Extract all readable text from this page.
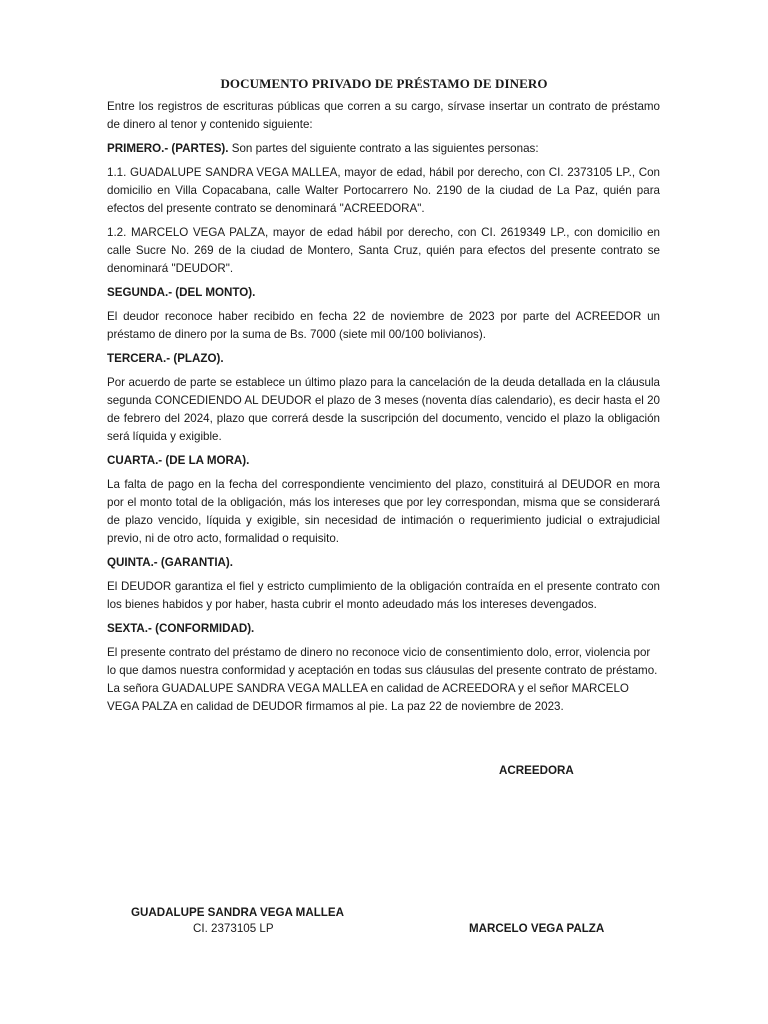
DOCUMENTO PRIVADO DE PRÉSTAMO DE DINERO

Entre los registros de escrituras públicas que corren a su cargo, sírvase insertar un contrato de préstamo de dinero al tenor y contenido siguiente:

PRIMERO.- (PARTES). Son partes del siguiente contrato a las siguientes personas:

1.1. GUADALUPE SANDRA VEGA MALLEA, mayor de edad, hábil por derecho, con CI. 2373105 LP., Con domicilio en Villa Copacabana, calle Walter Portocarrero No. 2190 de la ciudad de La Paz, quién para efectos del presente contrato se denominará "ACREEDORA".

1.2. MARCELO VEGA PALZA, mayor de edad hábil por derecho, con CI. 2619349 LP., con domicilio en calle Sucre No. 269 de la ciudad de Montero, Santa Cruz, quién para efectos del presente contrato se denominará "DEUDOR".

SEGUNDA.- (DEL MONTO).

El deudor reconoce haber recibido en fecha 22 de noviembre de 2023 por parte del ACREEDOR un préstamo de dinero por la suma de Bs. 7000 (siete mil 00/100 bolivianos).

TERCERA.- (PLAZO).

Por acuerdo de parte se establece un último plazo para la cancelación de la deuda detallada en la cláusula segunda CONCEDIENDO AL DEUDOR el plazo de 3 meses (noventa días calendario), es decir hasta el 20 de febrero del 2024, plazo que correrá desde la suscripción del documento, vencido el plazo la obligación será líquida y exigible.

CUARTA.- (DE LA MORA).

La falta de pago en la fecha del correspondiente vencimiento del plazo, constituirá al DEUDOR en mora por el monto total de la obligación, más los intereses que por ley correspondan, misma que se considerará de plazo vencido, líquida y exigible, sin necesidad de intimación o requerimiento judicial o extrajudicial previo, ni de otro acto, formalidad o requisito.

QUINTA.- (GARANTIA).

El DEUDOR garantiza el fiel y estricto cumplimiento de la obligación contraída en el presente contrato con los bienes habidos y por haber, hasta cubrir el monto adeudado más los intereses devengados.

SEXTA.- (CONFORMIDAD).

El presente contrato del préstamo de dinero no reconoce vicio de consentimiento dolo, error, violencia por lo que damos nuestra conformidad y aceptación en todas sus cláusulas del presente contrato de préstamo. La señora GUADALUPE SANDRA VEGA MALLEA en calidad de ACREEDORA y el señor MARCELO VEGA PALZA en calidad de DEUDOR firmamos al pie. La paz 22 de noviembre de 2023.

ACREEDORA
GUADALUPE SANDRA VEGA MALLEA
CI. 2373105 LP	MARCELO VEGA PALZA
